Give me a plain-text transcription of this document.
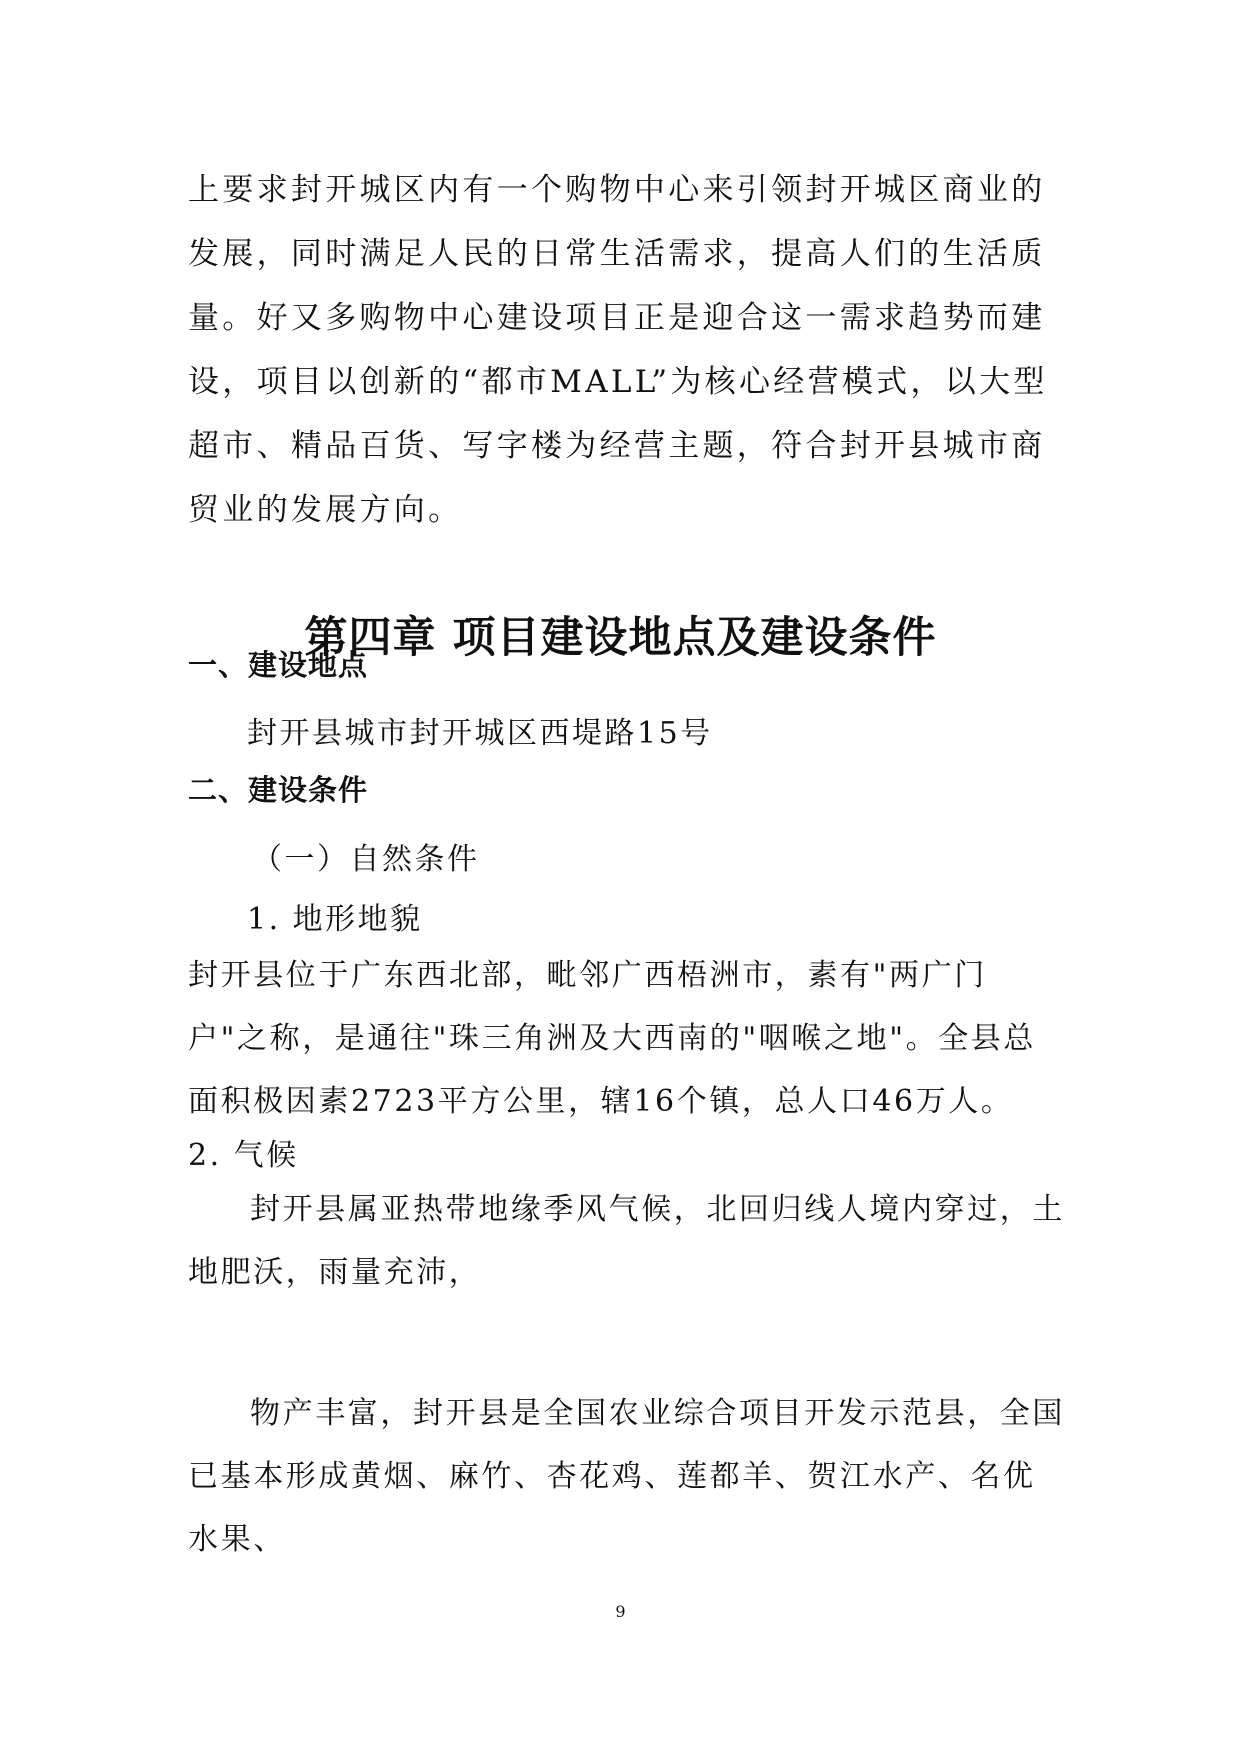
上要求封开城区内有一个购物中心来引领封开城区商业的发展，同时满足人民的日常生活需求，提高人们的生活质量。好又多购物中心建设项目正是迎合这一需求趋势而建设，项目以创新的“都市MALL”为核心经营模式，以大型超市、精品百货、写字楼为经营主题，符合封开县城市商贸业的发展方向。

第四章 项目建设地点及建设条件
一、建设地点

封开县城市封开城区西堤路15号

二、建设条件

（一）自然条件

1. 地形地貌

封开县位于广东西北部，毗邻广西梧洲市，素有"两广门户"之称，是通往"珠三角洲及大西南的"咽喉之地"。全县总面积极因素2723平方公里，辖16个镇，总人口46万人。

2. 气候

封开县属亚热带地缘季风气候，北回归线人境内穿过，土地肥沃，雨量充沛，

物产丰富，封开县是全国农业综合项目开发示范县，全国已基本形成黄烟、麻竹、杏花鸡、莲都羊、贺江水产、名优水果、

9
